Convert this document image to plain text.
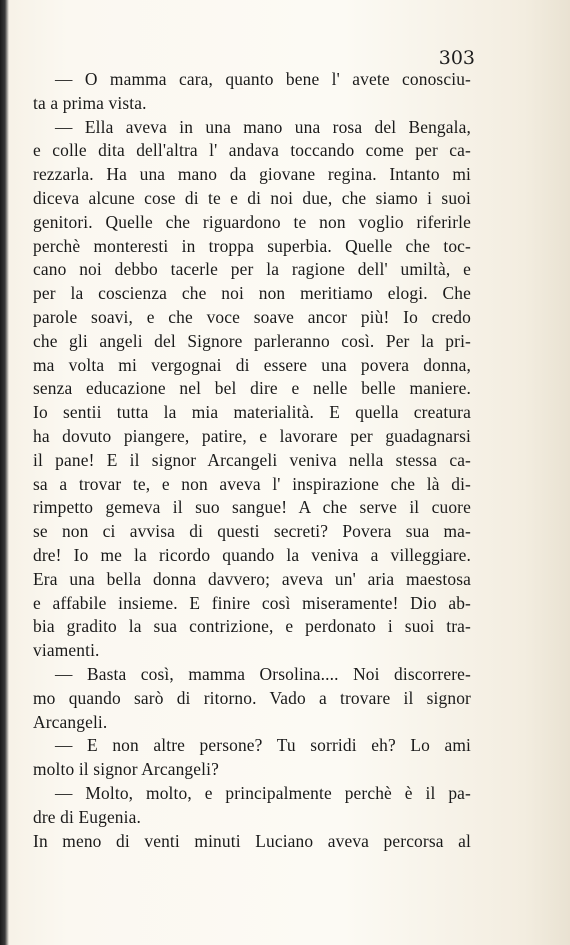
303
— O mamma cara, quanto bene l' avete conosciu-
ta a prima vista.
— Ella aveva in una mano una rosa del Bengala,
e colle dita dell'altra l' andava toccando come per ca-
rezzarla. Ha una mano da giovane regina. Intanto mi
diceva alcune cose di te e di noi due, che siamo i suoi
genitori. Quelle che riguardono te non voglio riferirle
perchè monteresti in troppa superbia. Quelle che toc-
cano noi debbo tacerle per la ragione dell' umiltà, e
per la coscienza che noi non meritiamo elogi. Che
parole soavi, e che voce soave ancor più! Io credo
che gli angeli del Signore parleranno così. Per la pri-
ma volta mi vergognai di essere una povera donna,
senza educazione nel bel dire e nelle belle maniere.
Io sentii tutta la mia materialità. E quella creatura
ha dovuto piangere, patire, e lavorare per guadagnarsi
il pane! E il signor Arcangeli veniva nella stessa ca-
sa a trovar te, e non aveva l' inspirazione che là di-
rimpetto gemeva il suo sangue! A che serve il cuore
se non ci avvisa di questi secreti? Povera sua ma-
dre! Io me la ricordo quando la veniva a villeggiare.
Era una bella donna davvero; aveva un' aria maestosa
e affabile insieme. E finire così miseramente! Dio ab-
bia gradito la sua contrizione, e perdonato i suoi tra-
viamenti.
— Basta così, mamma Orsolina.... Noi discorrere-
mo quando sarò di ritorno. Vado a trovare il signor
Arcangeli.
— E non altre persone? Tu sorridi eh? Lo ami
molto il signor Arcangeli?
— Molto, molto, e principalmente perchè è il pa-
dre di Eugenia.
In meno di venti minuti Luciano aveva percorsa al
